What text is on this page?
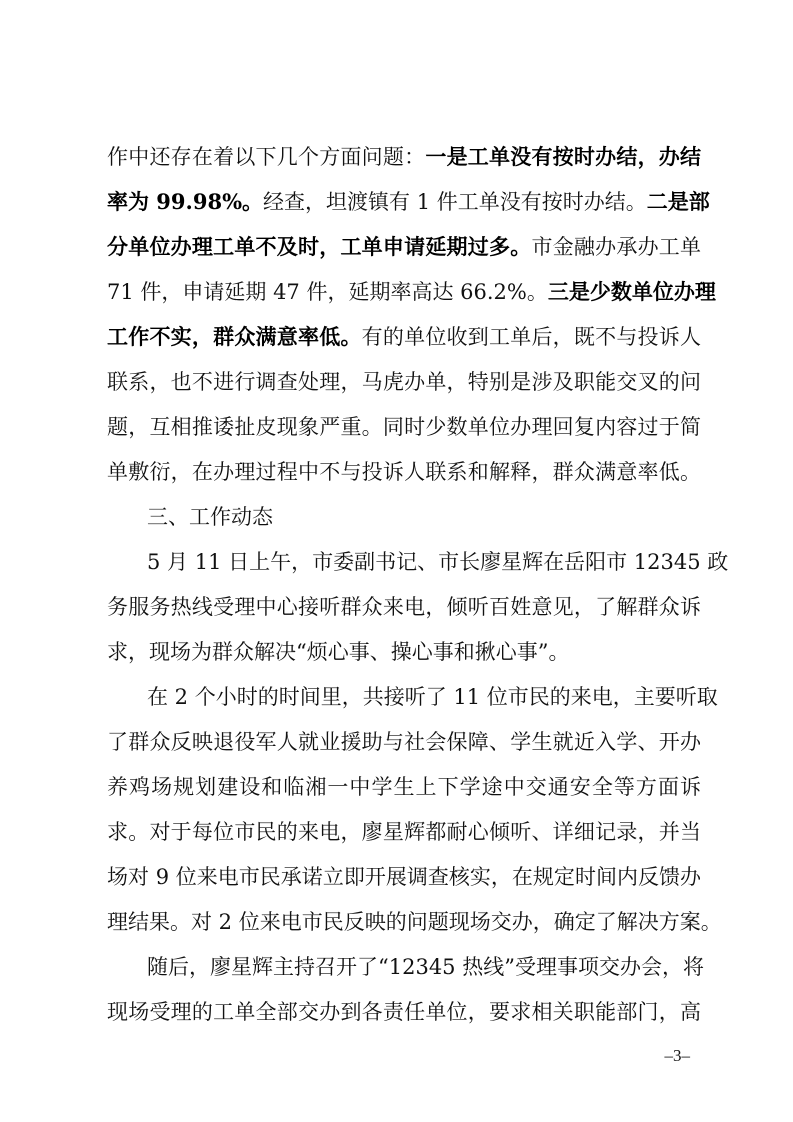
作中还存在着以下几个方面问题：一是工单没有按时办结，办结
率为 99.98%。经查，坦渡镇有 1 件工单没有按时办结。二是部
分单位办理工单不及时，工单申请延期过多。市金融办承办工单
71 件，申请延期 47 件，延期率高达 66.2%。三是少数单位办理
工作不实，群众满意率低。有的单位收到工单后，既不与投诉人
联系，也不进行调查处理，马虎办单，特别是涉及职能交叉的问
题，互相推诿扯皮现象严重。同时少数单位办理回复内容过于简
单敷衍，在办理过程中不与投诉人联系和解释，群众满意率低。
三、工作动态
5 月 11 日上午，市委副书记、市长廖星辉在岳阳市 12345 政
务服务热线受理中心接听群众来电，倾听百姓意见，了解群众诉
求，现场为群众解决“烦心事、操心事和揪心事”。
在 2 个小时的时间里，共接听了 11 位市民的来电，主要听取
了群众反映退役军人就业援助与社会保障、学生就近入学、开办
养鸡场规划建设和临湘一中学生上下学途中交通安全等方面诉
求。对于每位市民的来电，廖星辉都耐心倾听、详细记录，并当
场对 9 位来电市民承诺立即开展调查核实，在规定时间内反馈办
理结果。对 2 位来电市民反映的问题现场交办，确定了解决方案。
随后，廖星辉主持召开了“12345 热线”受理事项交办会，将
现场受理的工单全部交办到各责任单位，要求相关职能部门，高
–3–
